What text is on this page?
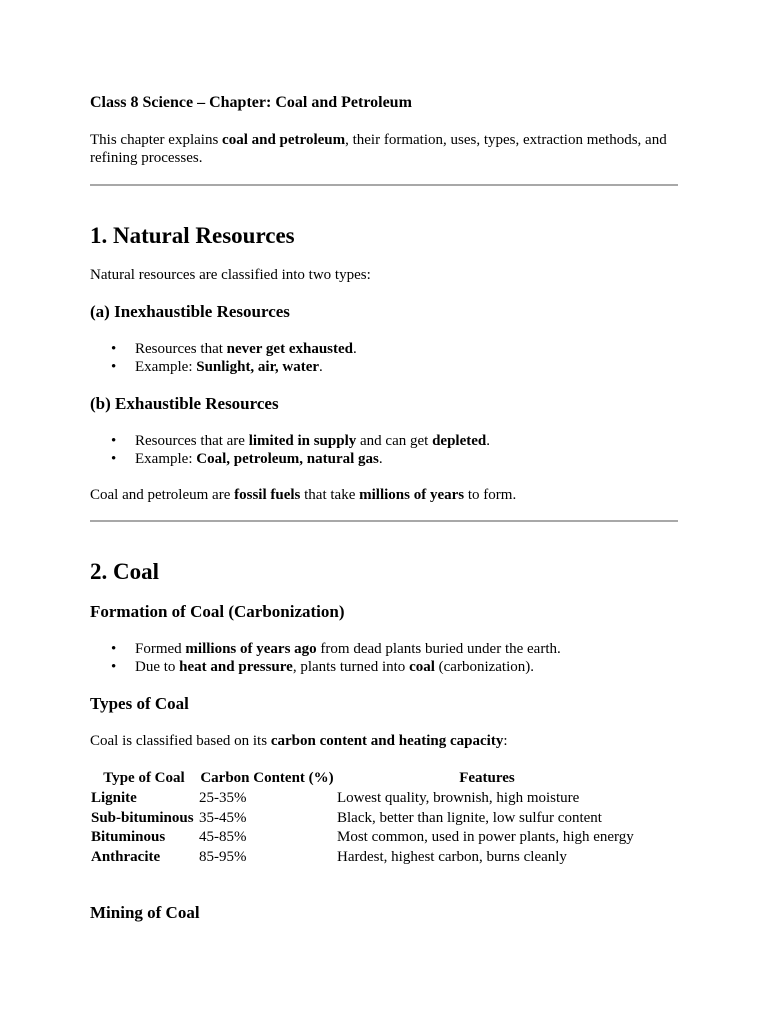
Class 8 Science – Chapter: Coal and Petroleum

This chapter explains coal and petroleum, their formation, uses, types, extraction methods, and refining processes.

1. Natural Resources

Natural resources are classified into two types:

(a) Inexhaustible Resources
• Resources that never get exhausted.
• Example: Sunlight, air, water.
(b) Exhaustible Resources
• Resources that are limited in supply and can get depleted.
• Example: Coal, petroleum, natural gas.

Coal and petroleum are fossil fuels that take millions of years to form.

2. Coal
Formation of Coal (Carbonization)
• Formed millions of years ago from dead plants buried under the earth.
• Due to heat and pressure, plants turned into coal (carbonization).
Types of Coal

Coal is classified based on its carbon content and heating capacity:

Type of Coal	Carbon Content (%)	Features
Lignite	25-35%	Lowest quality, brownish, high moisture
Sub-bituminous 35-45%	Black, better than lignite, low sulfur content
Bituminous 45-85%	Most common, used in power plants, high energy
Anthracite	85-95%	Hardest, highest carbon, burns cleanly
Mining of Coal
